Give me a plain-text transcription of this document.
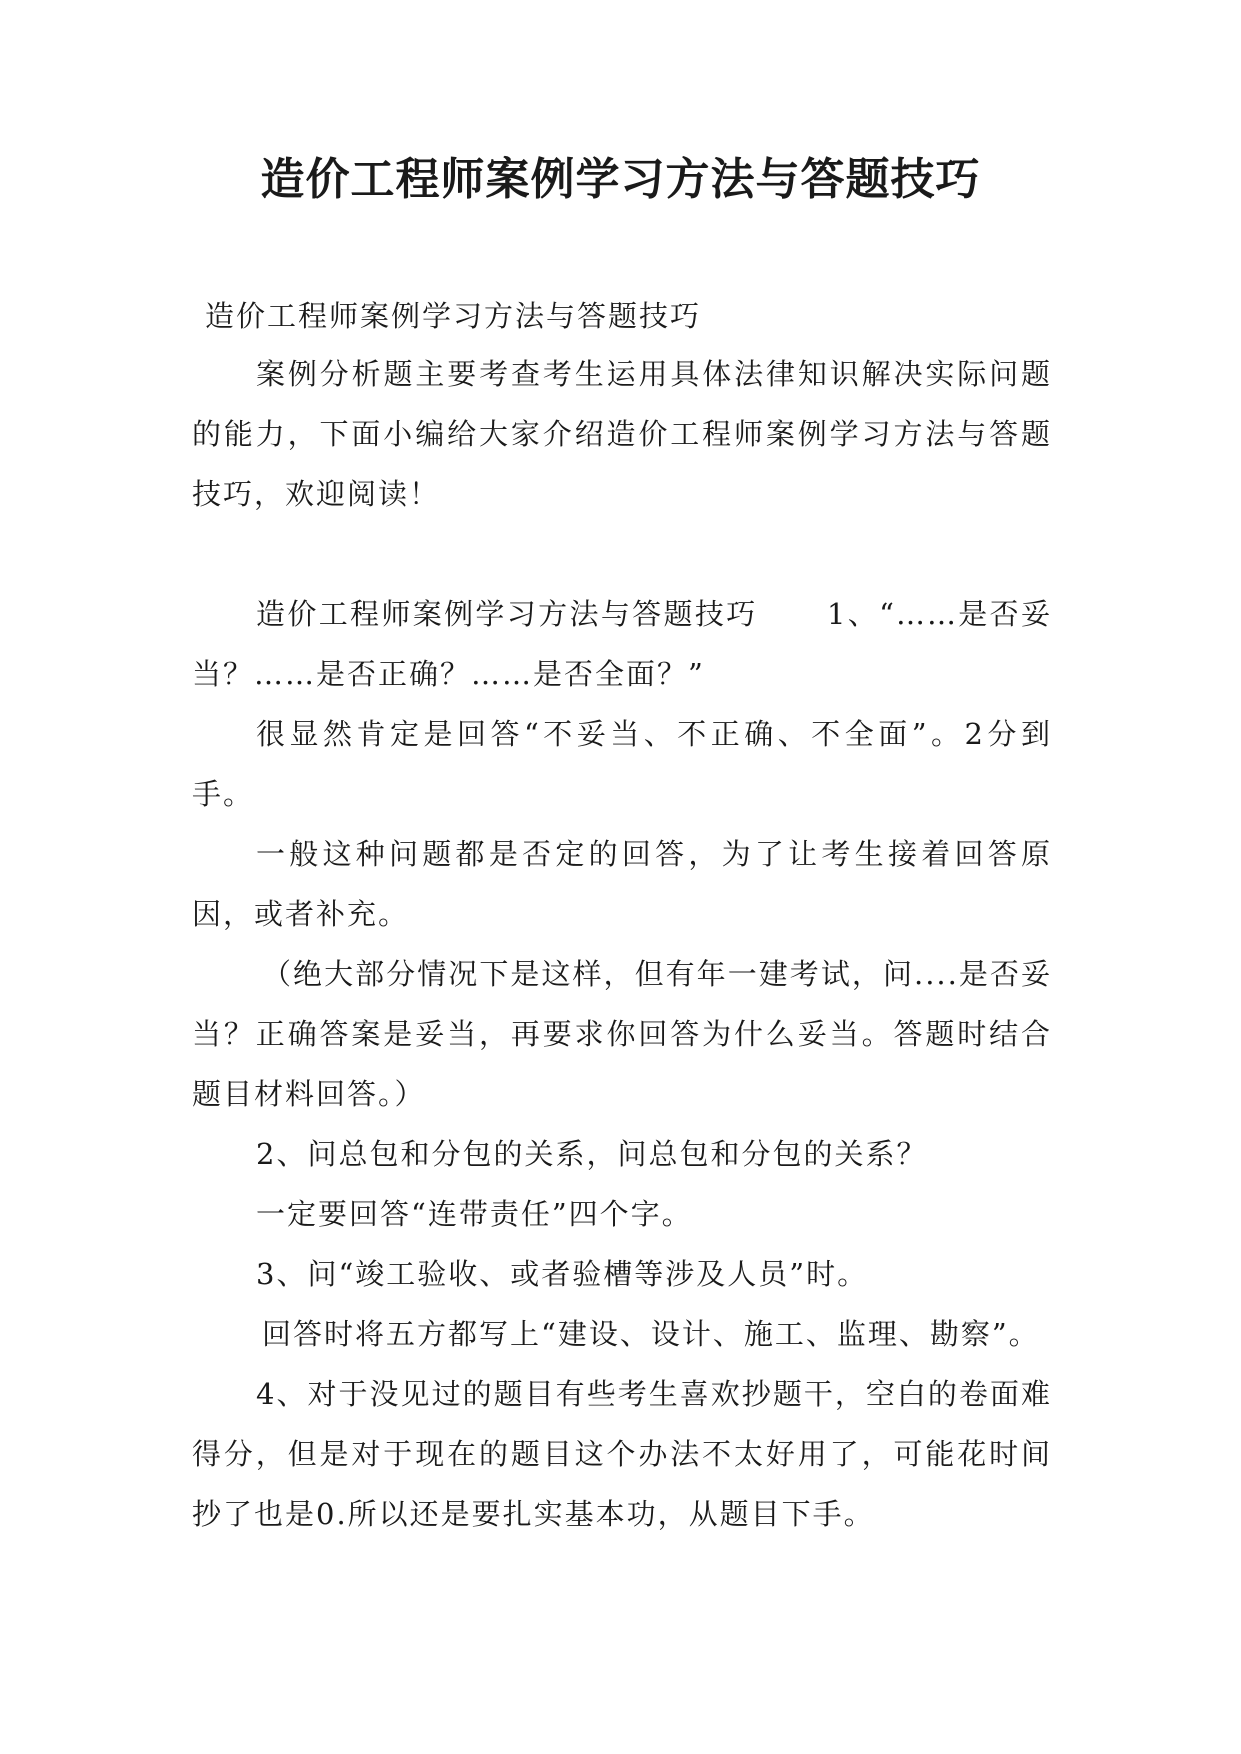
造价工程师案例学习方法与答题技巧

造价工程师案例学习方法与答题技巧

案例分析题主要考查考生运用具体法律知识解决实际问题的能力，下面小编给大家介绍造价工程师案例学习方法与答题技巧，欢迎阅读！

造价工程师案例学习方法与答题技巧 1、“……是否妥当？……是否正确？……是否全面？”

很显然肯定是回答“不妥当、不正确、不全面”。2分到手。

一般这种问题都是否定的回答，为了让考生接着回答原因，或者补充。

（绝大部分情况下是这样，但有年一建考试，问....是否妥当？正确答案是妥当，再要求你回答为什么妥当。答题时结合题目材料回答。）

2、问总包和分包的关系，问总包和分包的关系？

一定要回答“连带责任”四个字。

3、问“竣工验收、或者验槽等涉及人员”时。

回答时将五方都写上“建设、设计、施工、监理、勘察”。

4、对于没见过的题目有些考生喜欢抄题干，空白的卷面难得分，但是对于现在的题目这个办法不太好用了，可能花时间抄了也是0.所以还是要扎实基本功，从题目下手。
